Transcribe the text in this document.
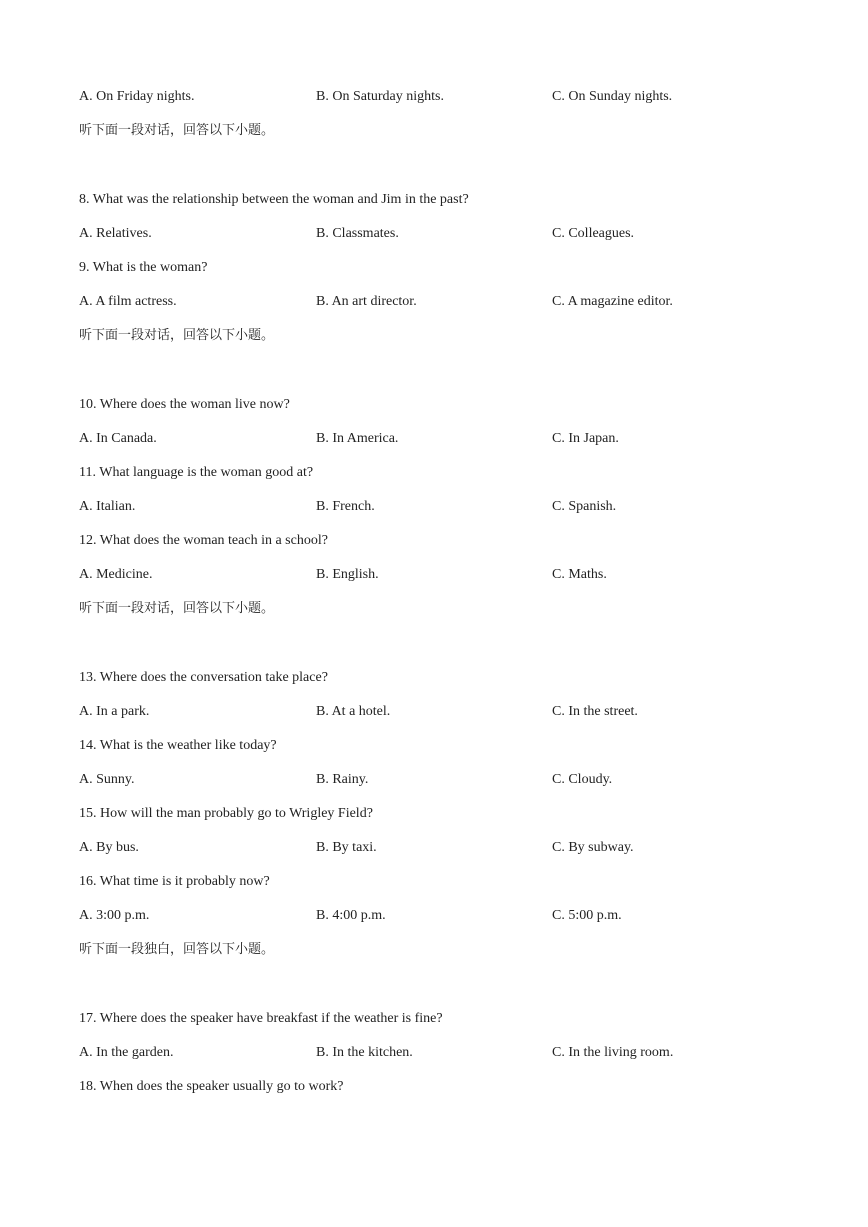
A. On Friday nights.	B. On Saturday nights.	C. On Sunday nights.
听下面一段对话，回答以下小题。
8. What was the relationship between the woman and Jim in the past?
A. Relatives.	B. Classmates.	C. Colleagues.
9. What is the woman?
A. A film actress.	B. An art director.	C. A magazine editor.
听下面一段对话，回答以下小题。
10. Where does the woman live now?
A. In Canada.	B. In America.	C. In Japan.
11. What language is the woman good at?
A. Italian.	B. French.	C. Spanish.
12. What does the woman teach in a school?
A. Medicine.	B. English.	C. Maths.
听下面一段对话，回答以下小题。
13. Where does the conversation take place?
A. In a park.	B. At a hotel.	C. In the street.
14. What is the weather like today?
A. Sunny.	B. Rainy.	C. Cloudy.
15. How will the man probably go to Wrigley Field?
A. By bus.	B. By taxi.	C. By subway.
16. What time is it probably now?
A. 3:00 p.m.	B. 4:00 p.m.	C. 5:00 p.m.
听下面一段独白，回答以下小题。
17. Where does the speaker have breakfast if the weather is fine?
A. In the garden.	B. In the kitchen.	C. In the living room.
18. When does the speaker usually go to work?
